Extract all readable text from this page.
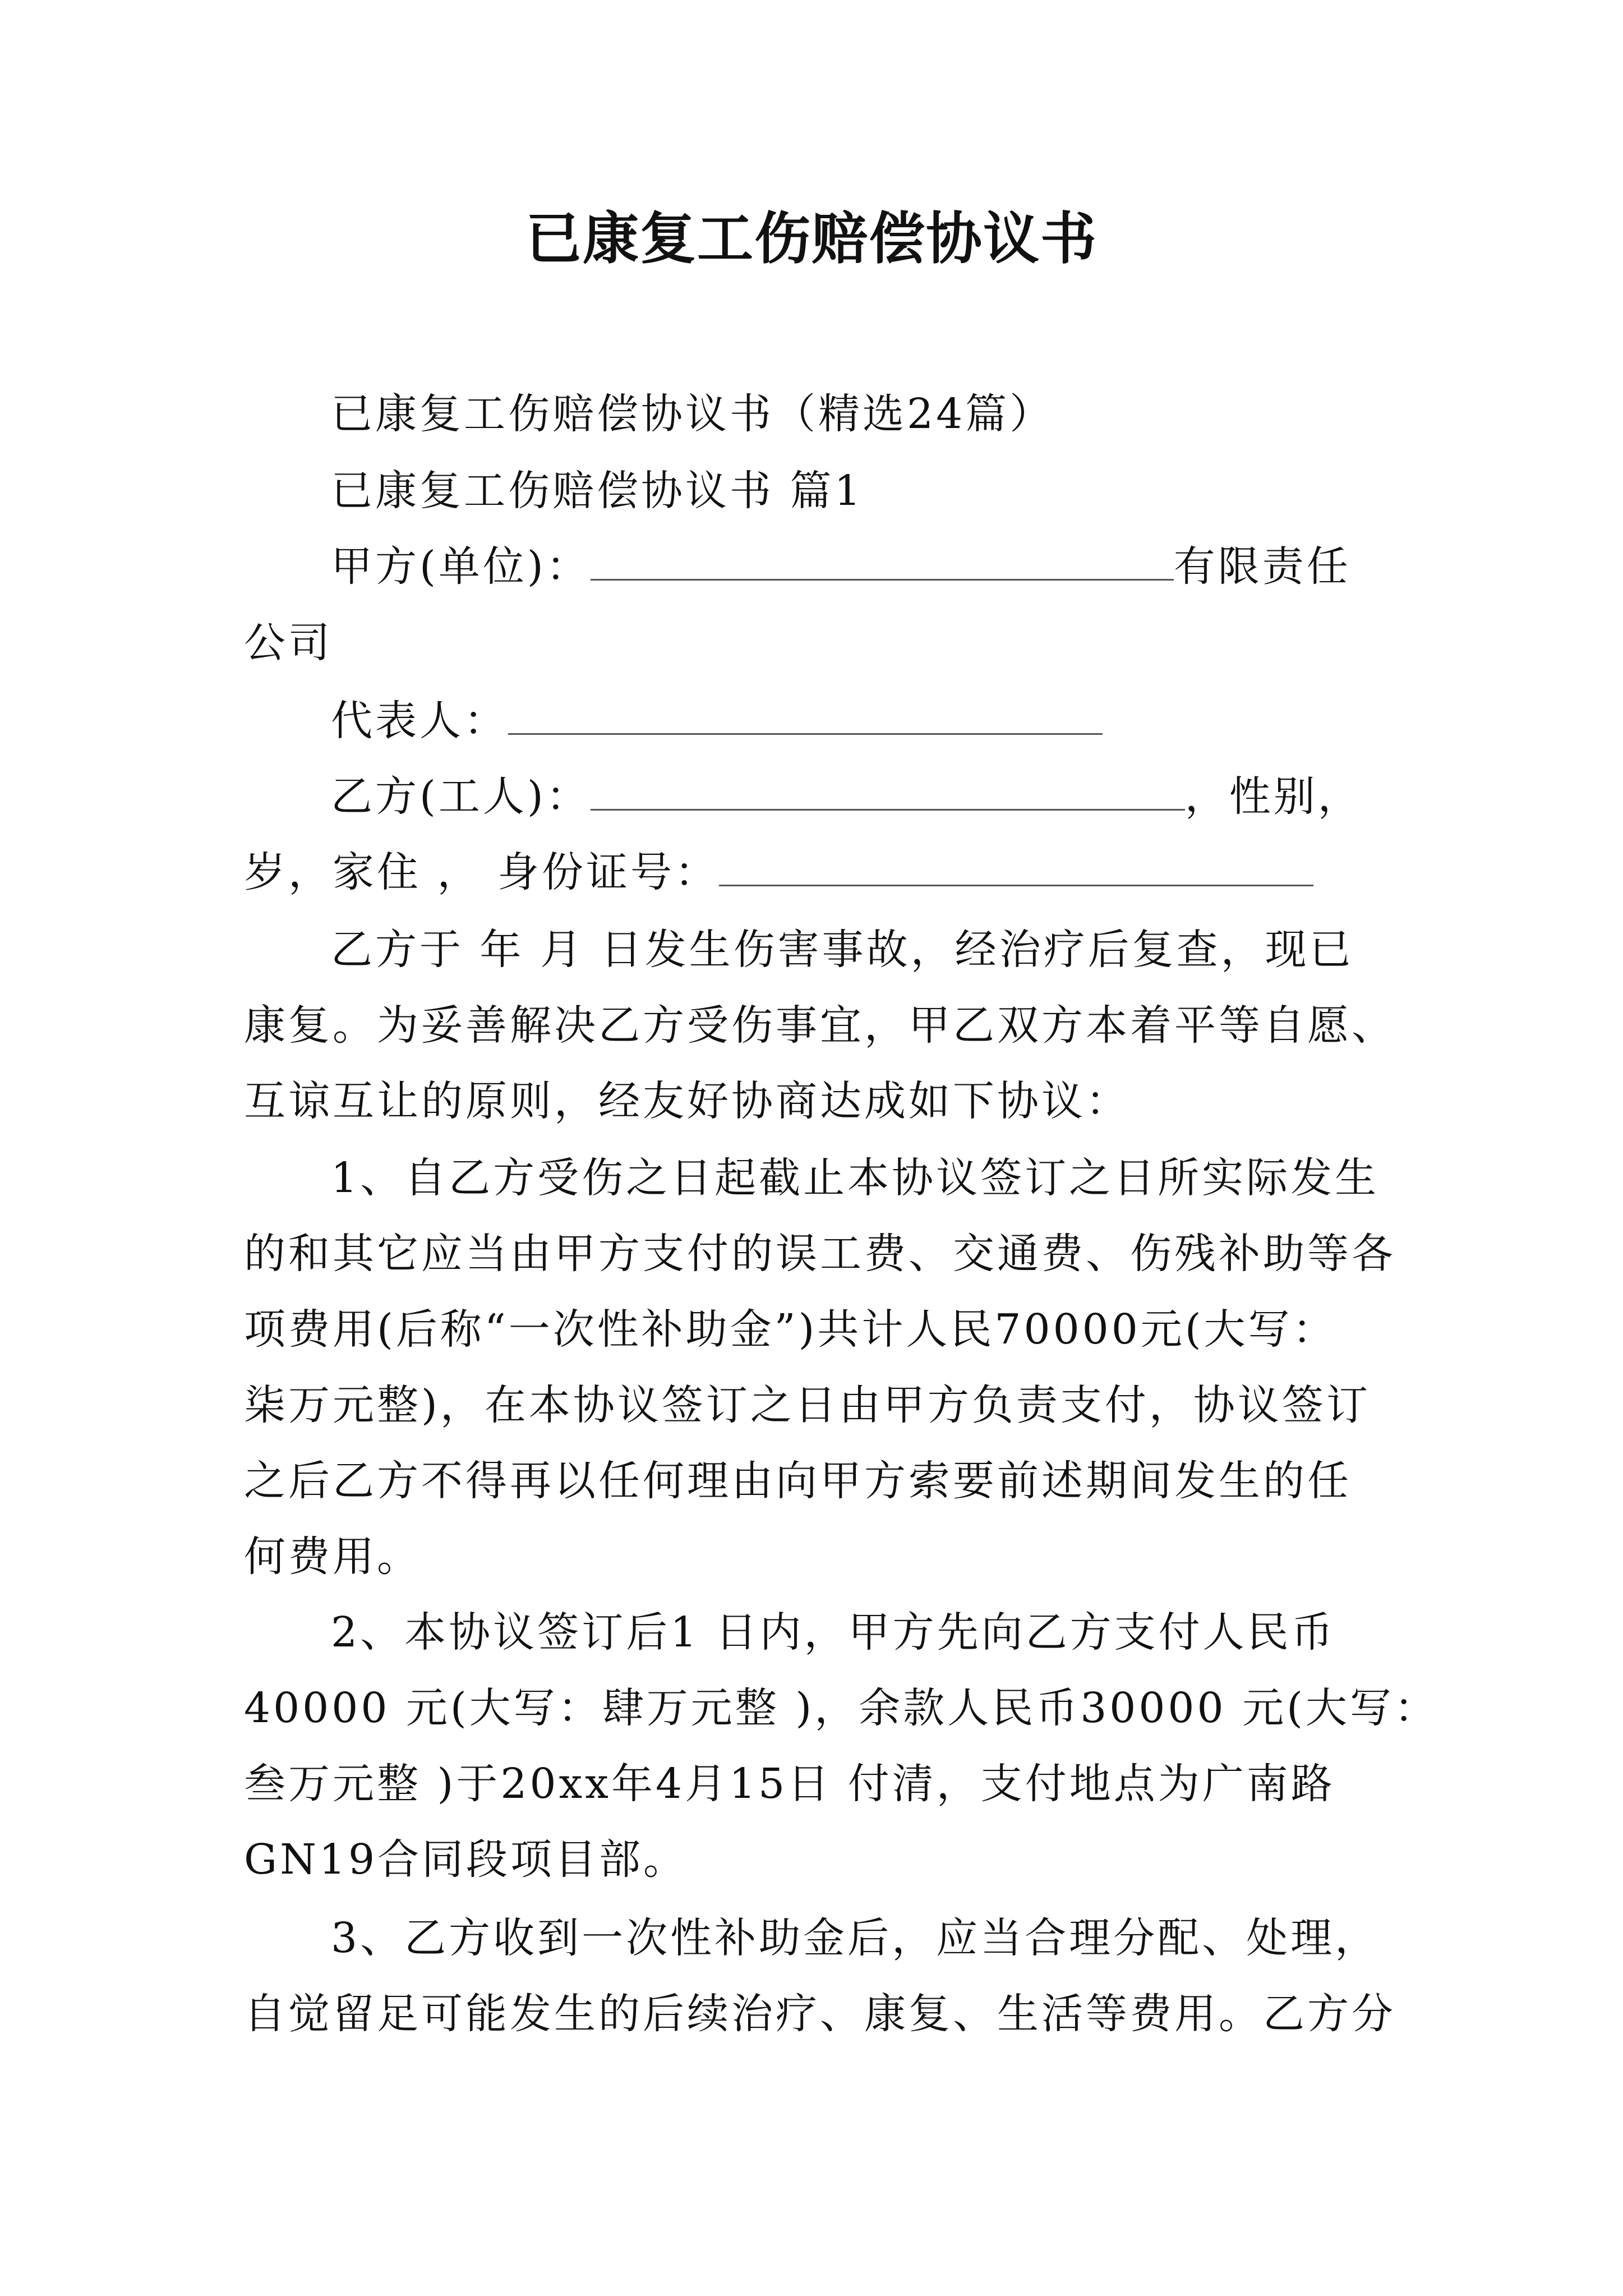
已康复工伤赔偿协议书
已康复工伤赔偿协议书（精选24篇）
已康复工伤赔偿协议书 篇1
甲方(单位)：	有限责任
公司
代表人：
乙方(工人)：	，性别，
岁，家住 ， 身份证号：
乙方于 年 月 日发生伤害事故，经治疗后复查，现已
康复。为妥善解决乙方受伤事宜，甲乙双方本着平等自愿、
互谅互让的原则，经友好协商达成如下协议：
1、自乙方受伤之日起截止本协议签订之日所实际发生
的和其它应当由甲方支付的误工费、交通费、伤残补助等各
项费用(后称“一次性补助金”)共计人民70000元(大写：
柒万元整)，在本协议签订之日由甲方负责支付，协议签订
之后乙方不得再以任何理由向甲方索要前述期间发生的任
何费用。
2、本协议签订后1 日内，甲方先向乙方支付人民币
40000 元(大写：肆万元整 )，余款人民币30000 元(大写：
叁万元整 )于20xx年4月15日 付清，支付地点为广南路
GN19合同段项目部。
3、乙方收到一次性补助金后，应当合理分配、处理，
自觉留足可能发生的后续治疗、康复、生活等费用。乙方分
